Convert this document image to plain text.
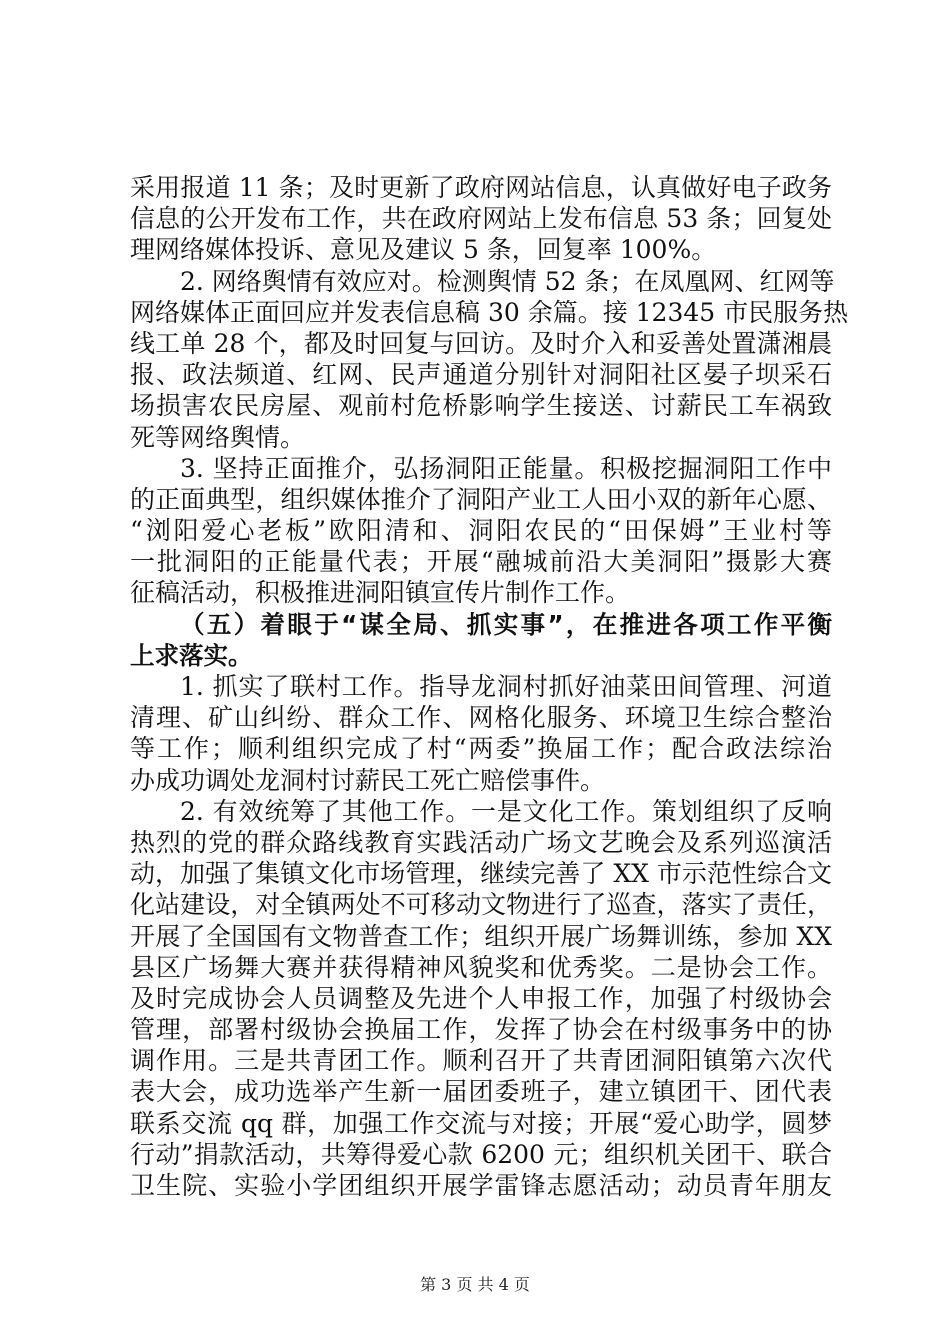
采用报道 11 条；及时更新了政府网站信息，认真做好电子政务
信息的公开发布工作，共在政府网站上发布信息 53 条；回复处
理网络媒体投诉、意见及建议 5 条，回复率 100%。
2. 网络舆情有效应对。检测舆情 52 条；在凤凰网、红网等
网络媒体正面回应并发表信息稿 30 余篇。接 12345 市民服务热
线工单 28 个，都及时回复与回访。及时介入和妥善处置潇湘晨
报、政法频道、红网、民声通道分别针对洞阳社区晏子坝采石
场损害农民房屋、观前村危桥影响学生接送、讨薪民工车祸致
死等网络舆情。
3. 坚持正面推介，弘扬洞阳正能量。积极挖掘洞阳工作中
的正面典型，组织媒体推介了洞阳产业工人田小双的新年心愿、
“浏阳爱心老板”欧阳清和、洞阳农民的“田保姆”王业村等
一批洞阳的正能量代表；开展“融城前沿大美洞阳”摄影大赛
征稿活动，积极推进洞阳镇宣传片制作工作。
（五）着眼于“谋全局、抓实事”，在推进各项工作平衡
上求落实。
1. 抓实了联村工作。指导龙洞村抓好油菜田间管理、河道
清理、矿山纠纷、群众工作、网格化服务、环境卫生综合整治
等工作；顺利组织完成了村“两委”换届工作；配合政法综治
办成功调处龙洞村讨薪民工死亡赔偿事件。
2. 有效统筹了其他工作。一是文化工作。策划组织了反响
热烈的党的群众路线教育实践活动广场文艺晚会及系列巡演活
动，加强了集镇文化市场管理，继续完善了 XX 市示范性综合文
化站建设，对全镇两处不可移动文物进行了巡查，落实了责任，
开展了全国国有文物普查工作；组织开展广场舞训练，参加 XX
县区广场舞大赛并获得精神风貌奖和优秀奖。二是协会工作。
及时完成协会人员调整及先进个人申报工作，加强了村级协会
管理，部署村级协会换届工作，发挥了协会在村级事务中的协
调作用。三是共青团工作。顺利召开了共青团洞阳镇第六次代
表大会，成功选举产生新一届团委班子，建立镇团干、团代表
联系交流 qq 群，加强工作交流与对接；开展“爱心助学，圆梦
行动”捐款活动，共筹得爱心款 6200 元；组织机关团干、联合
卫生院、实验小学团组织开展学雷锋志愿活动；动员青年朋友
第 3 页 共 4 页
